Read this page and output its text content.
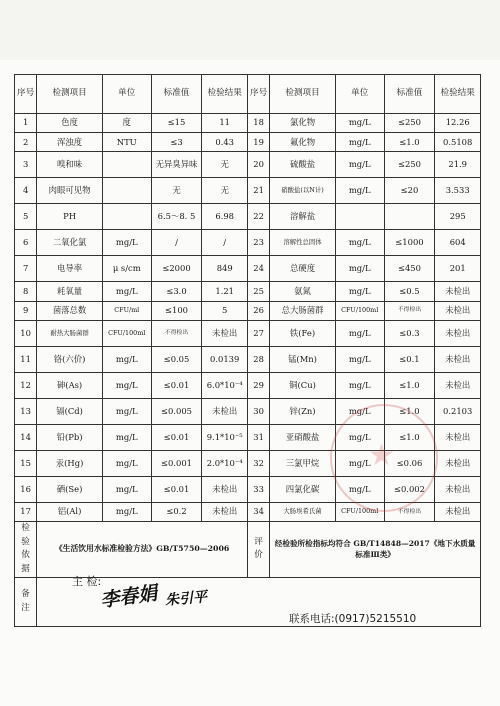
序号	检测项目	单位	标准值	检验结果	序号	检测项目	单位	标准值	检验结果
1	色度	度	≤15	11	18	氯化物	mg/L	≤250	12.26
2	浑浊度	NTU	≤3	0.43	19	氟化物	mg/L	≤1.0	0.5108
3	嗅和味		无异臭异味	无	20	硫酸盐	mg/L	≤250	21.9
4	肉眼可见物		无	无	21	硝酸盐(以N计)	mg/L	≤20	3.533
5	PH		6.5～8. 5	6.98	22	溶解盐			295
6	二氧化氯	mg/L	/	/	23	溶解性总固体	mg/L	≤1000	604
7	电导率	μ s/cm	≤2000	849	24	总硬度	mg/L	≤450	201
8	耗氧量	mg/L	≤3.0	1.21	25	氨氮	mg/L	≤0.5	未检出
9	菌落总数	CFU/ml	≤100	5	26	总大肠菌群	CFU/100ml	不得检出	未检出
10	耐热大肠菌群	CFU/100ml	不得检出	未检出	27	铁(Fe)	mg/L	≤0.3	未检出
11	铬(六价)	mg/L	≤0.05	0.0139	28	锰(Mn)	mg/L	≤0.1	未检出
12	砷(As)	mg/L	≤0.01	6.0*10⁻⁴	29	铜(Cu)	mg/L	≤1.0	未检出
13	镉(Cd)	mg/L	≤0.005	未检出	30	锌(Zn)	mg/L	≤1.0	0.2103
14	铅(Pb)	mg/L	≤0.01	9.1*10⁻⁵	31	亚硝酸盐	mg/L	≤1.0	未检出
15	汞(Hg)	mg/L	≤0.001	2.0*10⁻⁴	32	三氯甲烷	mg/L	≤0.06	未检出
16	硒(Se)	mg/L	≤0.01	未检出	33	四氯化碳	mg/L	≤0.002	未检出
17	铝(Al)	mg/L	≤0.2	未检出	34	大肠埃希氏菌	CFU/100ml	不得检出	未检出
检验依据	《生活饮用水标准检验方法》GB/T5750—2006				评价	经检验所检指标均符合 GB/T14848—2017《地下水质量标准Ⅲ类》			
备注									
★
主 检:
李春娟 朱引平
联系电话:(0917)5215510
